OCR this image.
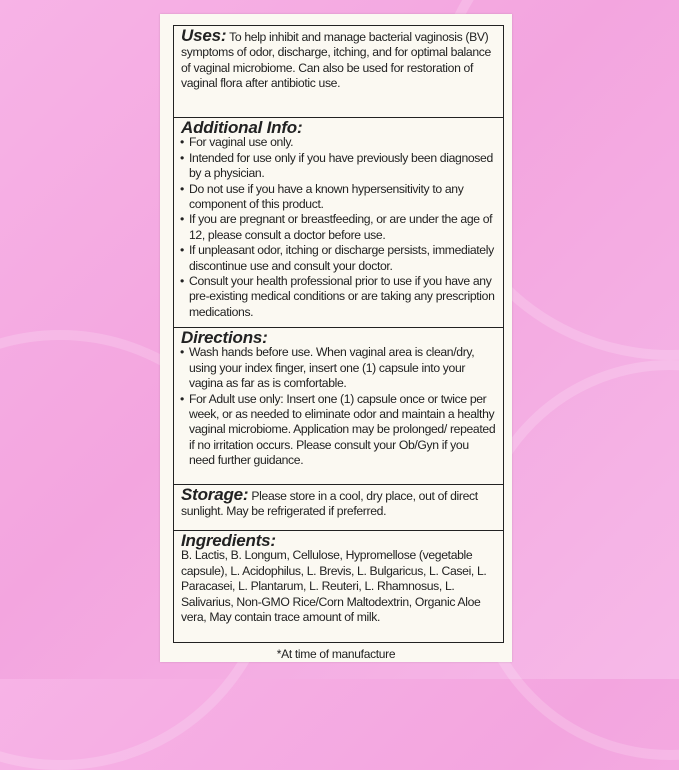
Uses: To help inhibit and manage bacterial vaginosis (BV) symptoms of odor, discharge, itching, and for optimal balance of vaginal microbiome. Can also be used for restoration of vaginal flora after antibiotic use.
Additional Info:
• For vaginal use only.
• Intended for use only if you have previously been diagnosed by a physician.
• Do not use if you have a known hypersensitivity to any component of this product.
• If you are pregnant or breastfeeding, or are under the age of 12, please consult a doctor before use.
• If unpleasant odor, itching or discharge persists, immediately discontinue use and consult your doctor.
• Consult your health professional prior to use if you have any pre-existing medical conditions or are taking any prescription medications.
Directions:
• Wash hands before use. When vaginal area is clean/dry, using your index finger, insert one (1) capsule into your vagina as far as is comfortable.
• For Adult use only: Insert one (1) capsule once or twice per week, or as needed to eliminate odor and maintain a healthy vaginal microbiome. Application may be prolonged/ repeated if no irritation occurs. Please consult your Ob/Gyn if you need further guidance.
Storage: Please store in a cool, dry place, out of direct sunlight. May be refrigerated if preferred.
Ingredients:
B. Lactis, B. Longum, Cellulose, Hypromellose (vegetable capsule), L. Acidophilus, L. Brevis, L. Bulgaricus, L. Casei, L. Paracasei, L. Plantarum, L. Reuteri, L. Rhamnosus, L. Salivarius, Non-GMO Rice/Corn Maltodextrin, Organic Aloe vera, May contain trace amount of milk.
*At time of manufacture
